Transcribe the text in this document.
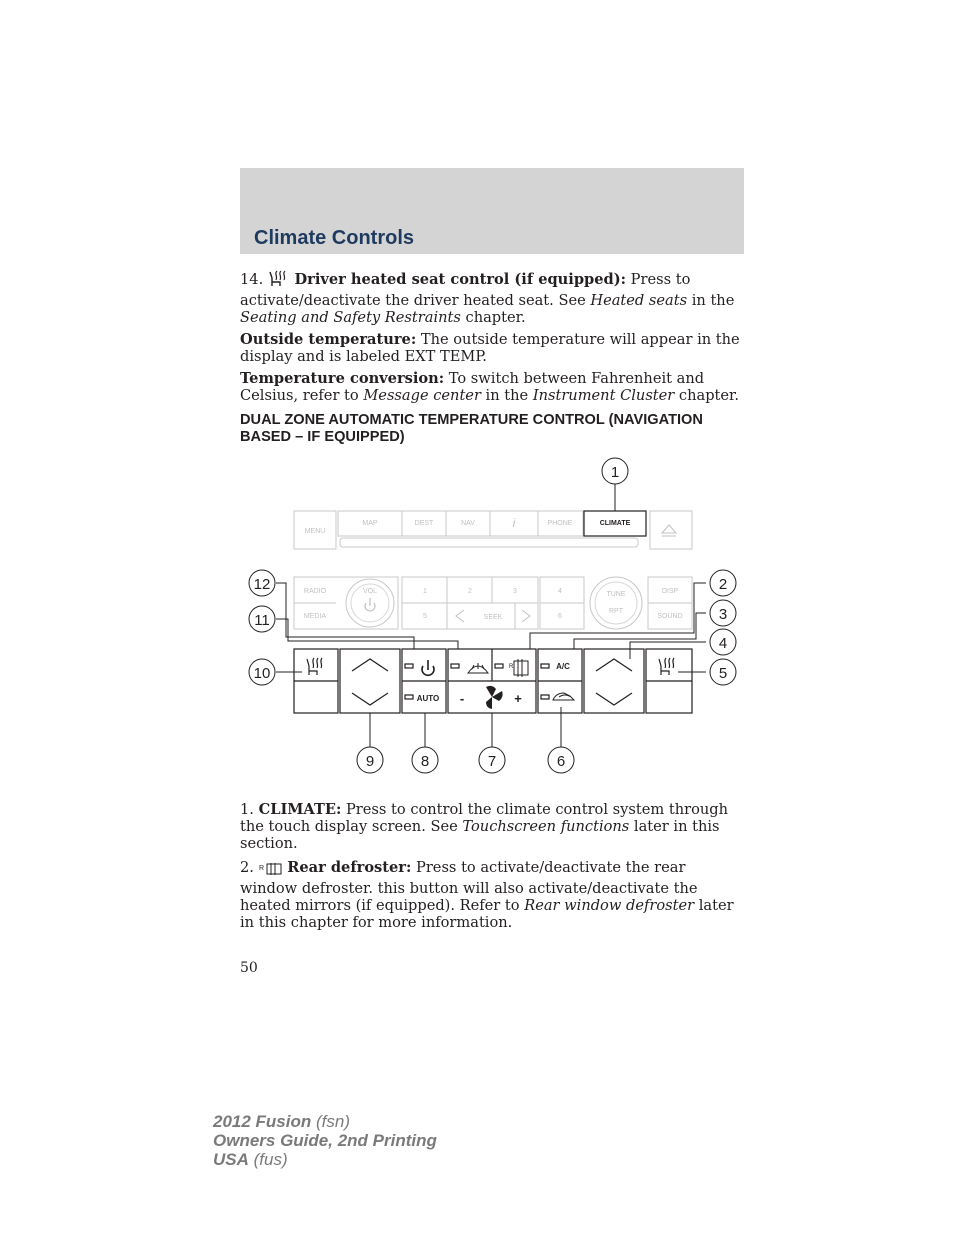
Climate Controls

14. Driver heated seat control (if equipped): Press to activate/deactivate the driver heated seat. See Heated seats in the Seating and Safety Restraints chapter.

Outside temperature: The outside temperature will appear in the display and is labeled EXT TEMP.

Temperature conversion: To switch between Fahrenheit and Celsius, refer to Message center in the Instrument Cluster chapter.

DUAL ZONE AUTOMATIC TEMPERATURE CONTROL (NAVIGATION BASED – IF EQUIPPED)
MENU
MAP	DEST	NAV	i	PHONE	CLIMATE
RADIO
MEDIA
VOL	1	2	3
5	SEEK
4
6
TUNE
RPT
DISP
SOUND
AUTO
R
-	+
A/C
1
2
3
4
5
6
7
8
9
10
11
12

1. CLIMATE: Press to control the climate control system through the touch display screen. See Touchscreen functions later in this section.

2. R Rear defroster: Press to activate/deactivate the rear window defroster. this button will also activate/deactivate the heated mirrors (if equipped). Refer to Rear window defroster later in this chapter for more information.

50
2012 Fusion (fsn)
Owners Guide, 2nd Printing
USA (fus)
